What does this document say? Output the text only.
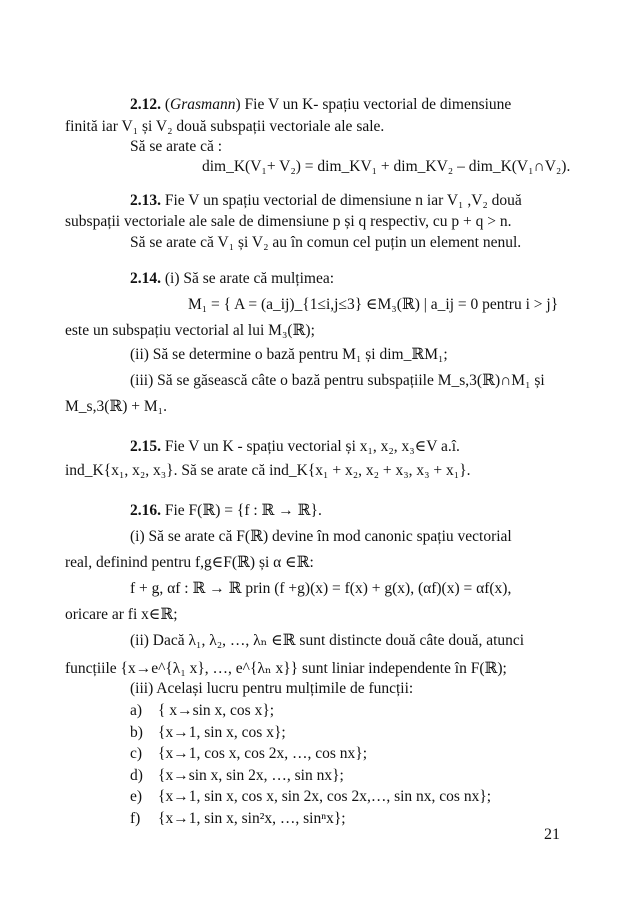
2.12. (Grasmann) Fie V un K- spațiu vectorial de dimensiune
finită iar V₁ și V₂ două subspații vectoriale ale sale.
Să se arate că :
dim_K(V₁+ V₂) = dim_KV₁ + dim_KV₂ – dim_K(V₁∩V₂).
2.13. Fie V un spațiu vectorial de dimensiune n iar V₁ ,V₂ două
subspații vectoriale ale sale de dimensiune p și q respectiv, cu p + q > n.
Să se arate că V₁ și V₂ au în comun cel puțin un element nenul.
2.14. (i) Să se arate că mulțimea:
M₁ = { A = (a_ij)_{1≤i,j≤3} ∈M₃(ℝ) | a_ij = 0 pentru i > j}
este un subspațiu vectorial al lui M₃(ℝ);
(ii) Să se determine o bază pentru M₁ și dim_ℝM₁;
(iii) Să se găsească câte o bază pentru subspațiile M_s,3(ℝ)∩M₁ și
M_s,3(ℝ) + M₁.
2.15. Fie V un K - spațiu vectorial și x₁, x₂, x₃∈V a.î.
ind_K{x₁, x₂, x₃}. Să se arate că ind_K{x₁ + x₂, x₂ + x₃, x₃ + x₁}.
2.16. Fie F(ℝ) = {f : ℝ → ℝ}.
(i) Să se arate că F(ℝ) devine în mod canonic spațiu vectorial
real, definind pentru f,g∈F(ℝ) și α ∈ℝ:
f + g, αf : ℝ → ℝ prin (f +g)(x) = f(x) + g(x), (αf)(x) = αf(x),
oricare ar fi x∈ℝ;
(ii) Dacă λ₁, λ₂, …, λₙ ∈ℝ sunt distincte două câte două, atunci
funcțiile {x→e^{λ₁ x}, …, e^{λₙ x}} sunt liniar independente în F(ℝ);
(iii) Același lucru pentru mulțimile de funcții:
a) { x→sin x, cos x};
b) {x→1, sin x, cos x};
c) {x→1, cos x, cos 2x, …, cos nx};
d) {x→sin x, sin 2x, …, sin nx};
e) {x→1, sin x, cos x, sin 2x, cos 2x,…, sin nx, cos nx};
f) {x→1, sin x, sin²x, …, sinⁿx};
21
